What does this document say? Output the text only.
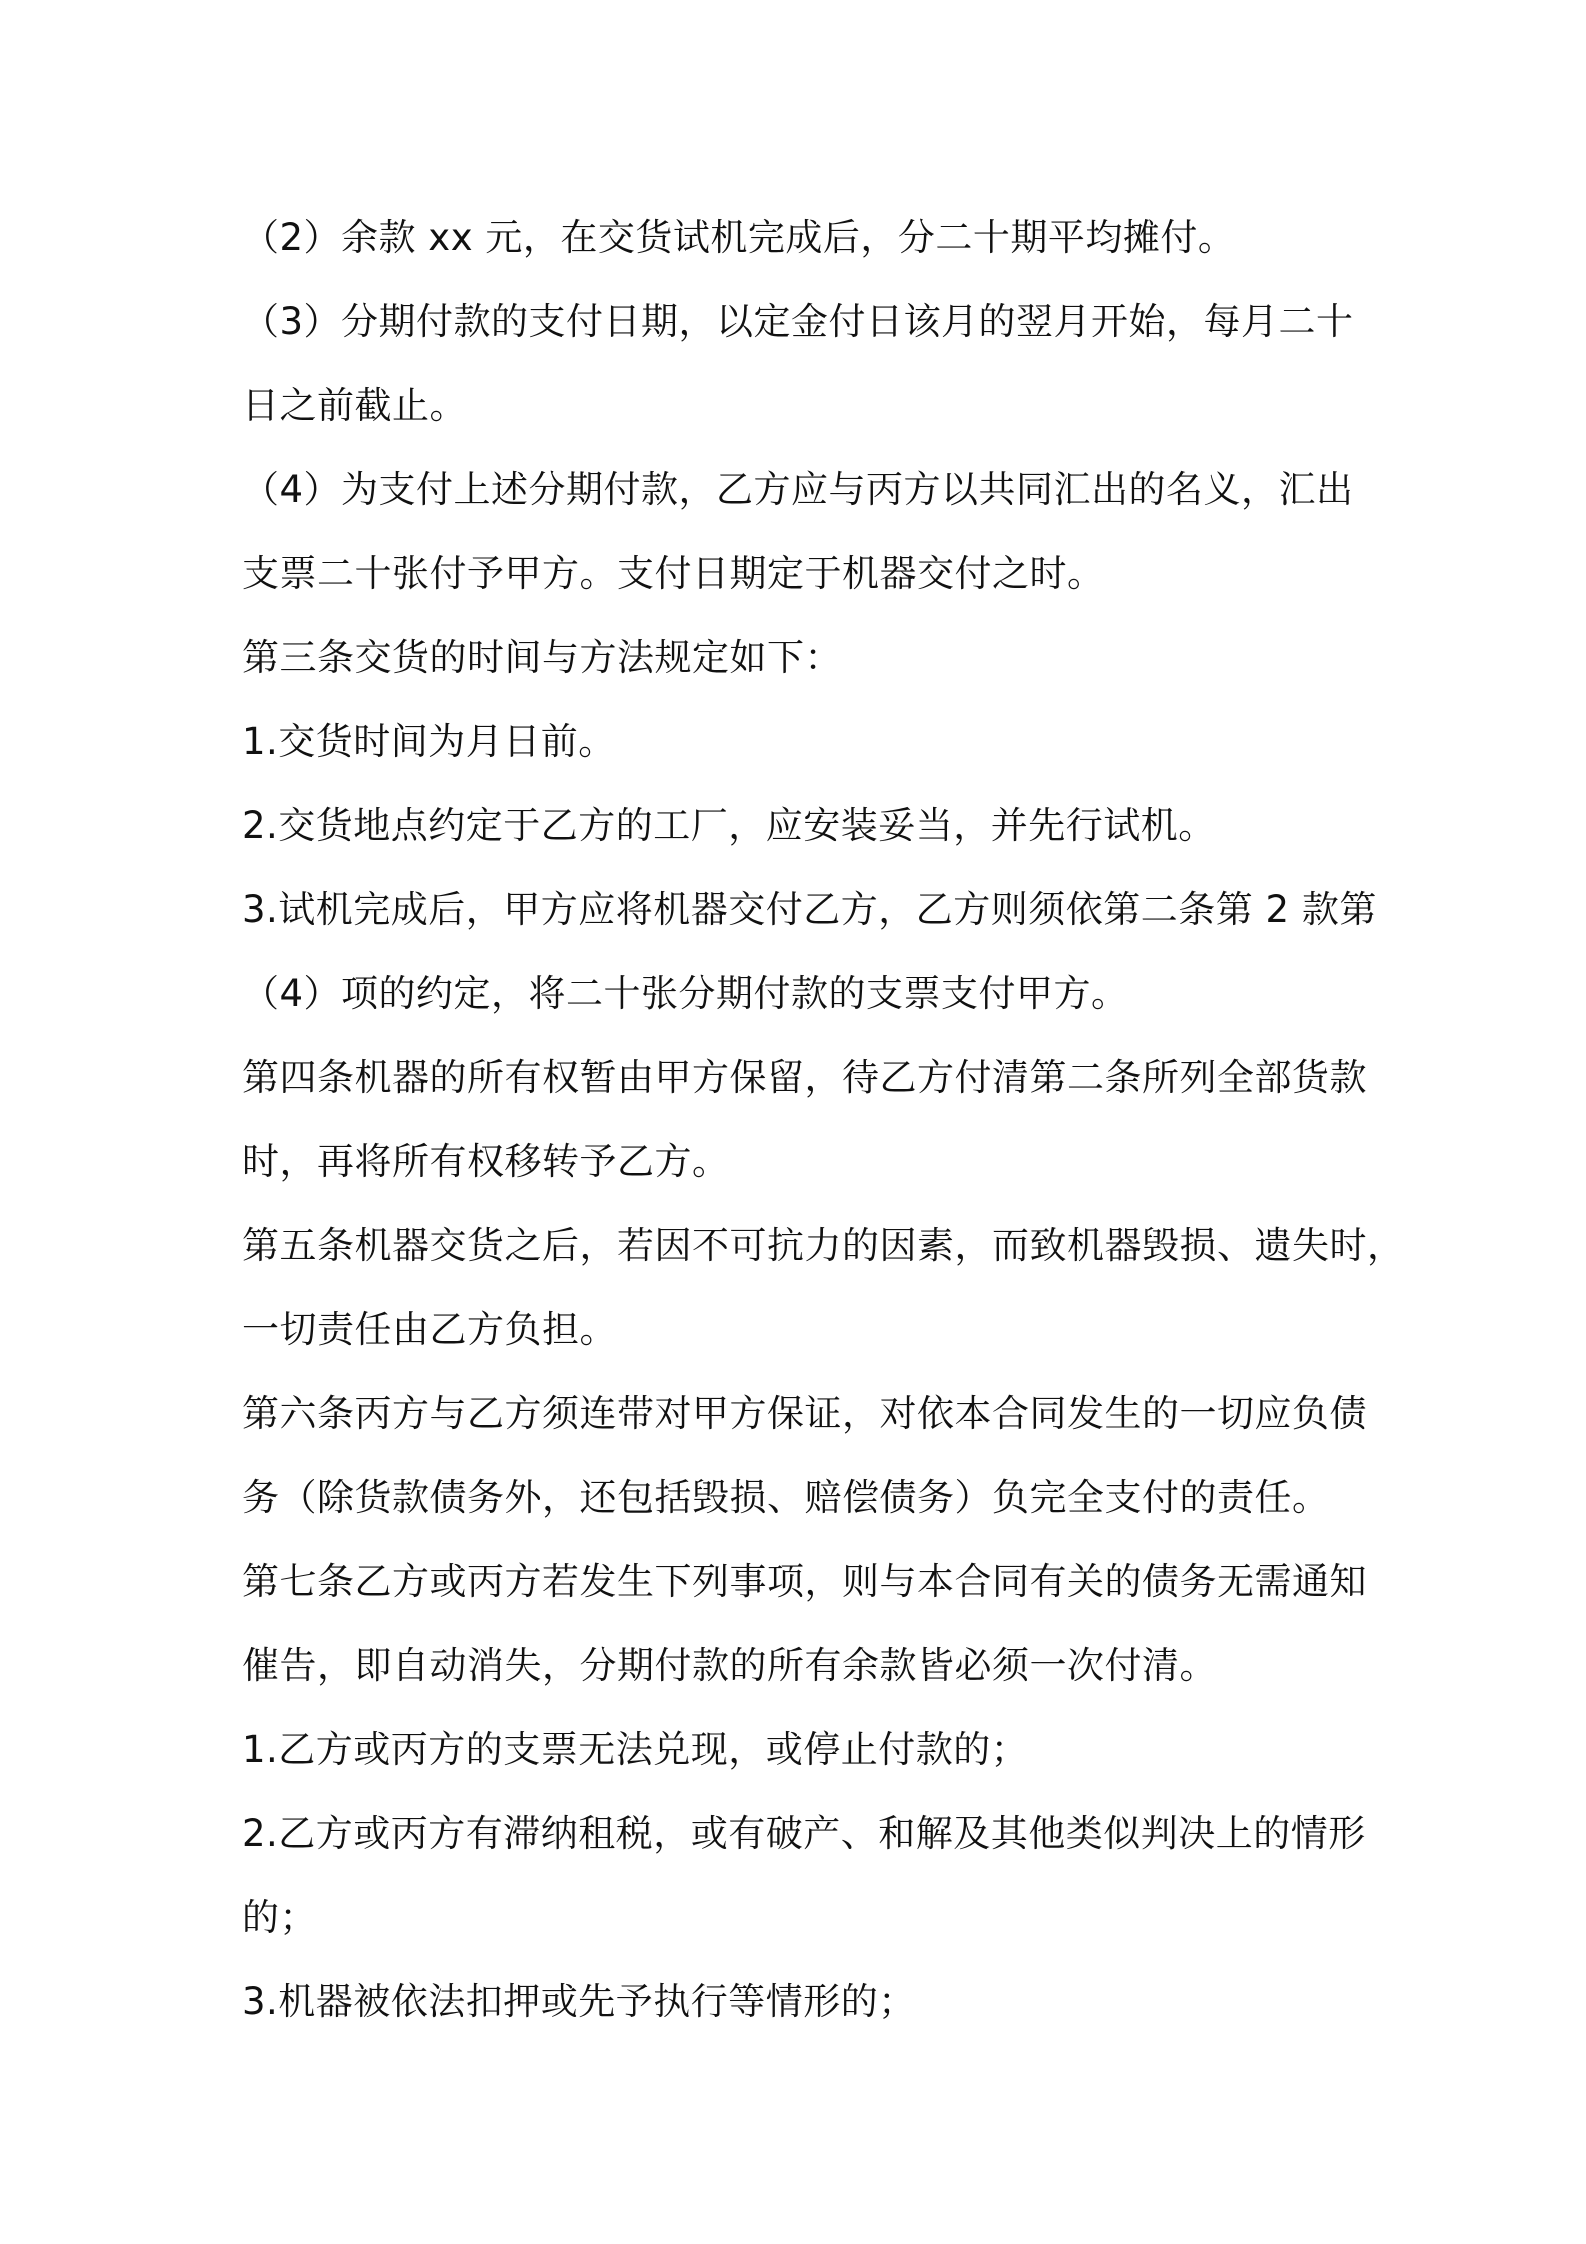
（2）余款 xx 元，在交货试机完成后，分二十期平均摊付。
（3）分期付款的支付日期，以定金付日该月的翌月开始，每月二十
日之前截止。
（4）为支付上述分期付款，乙方应与丙方以共同汇出的名义，汇出
支票二十张付予甲方。支付日期定于机器交付之时。
第三条交货的时间与方法规定如下：
1.交货时间为月日前。
2.交货地点约定于乙方的工厂，应安装妥当，并先行试机。
3.试机完成后，甲方应将机器交付乙方，乙方则须依第二条第 2 款第
（4）项的约定，将二十张分期付款的支票支付甲方。
第四条机器的所有权暂由甲方保留，待乙方付清第二条所列全部货款
时，再将所有权移转予乙方。
第五条机器交货之后，若因不可抗力的因素，而致机器毁损、遗失时，
一切责任由乙方负担。
第六条丙方与乙方须连带对甲方保证，对依本合同发生的一切应负债
务（除货款债务外，还包括毁损、赔偿债务）负完全支付的责任。
第七条乙方或丙方若发生下列事项，则与本合同有关的债务无需通知
催告，即自动消失，分期付款的所有余款皆必须一次付清。
1.乙方或丙方的支票无法兑现，或停止付款的；
2.乙方或丙方有滞纳租税，或有破产、和解及其他类似判决上的情形
的；
3.机器被依法扣押或先予执行等情形的；
